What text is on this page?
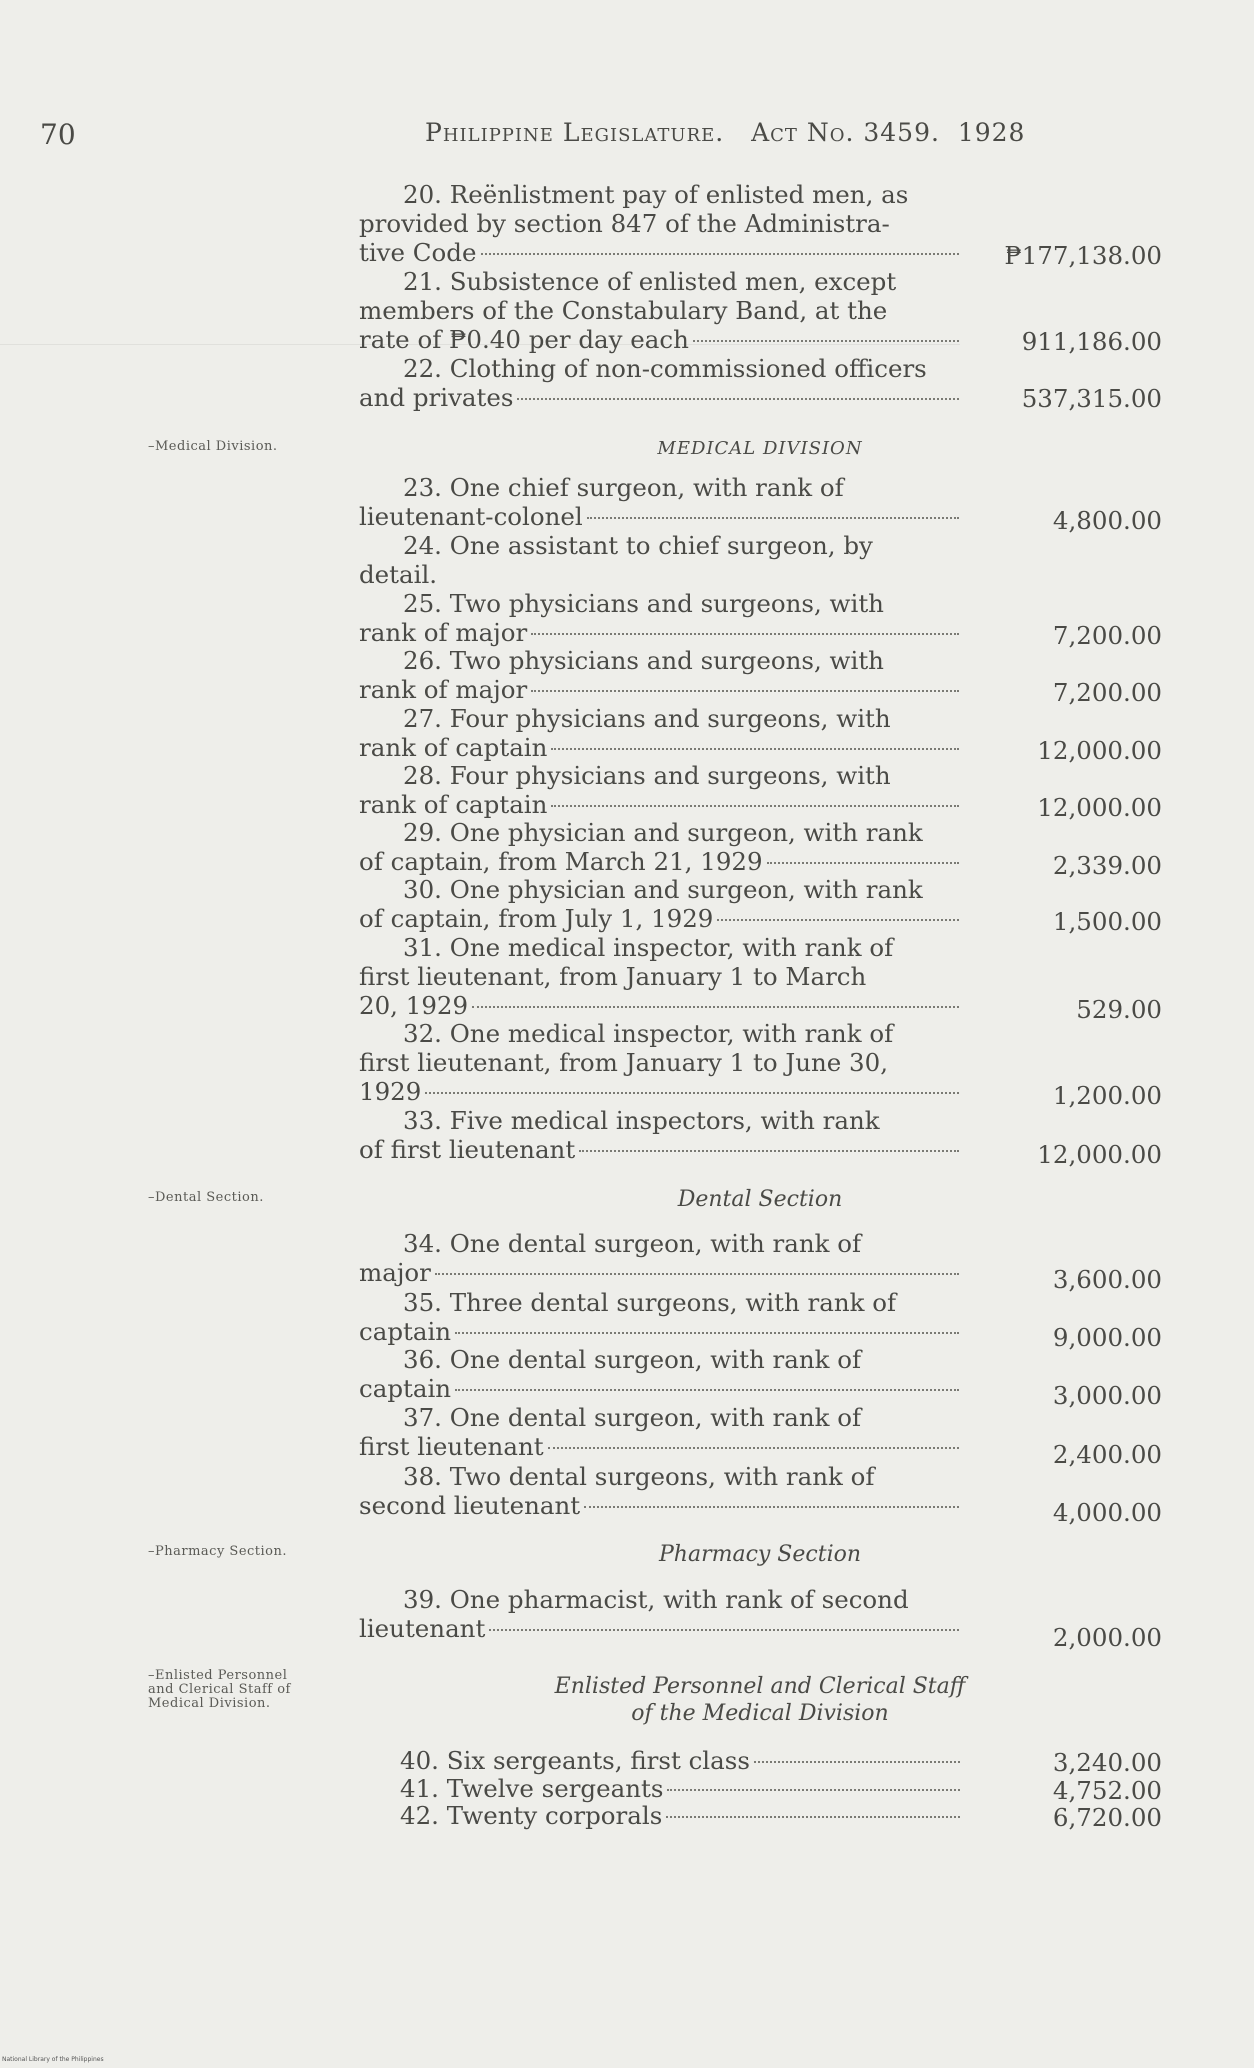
70	Philippine Legislature. Act No. 3459. 1928

20. Reënlistment pay of enlisted men, as

provided by section 847 of the Administra-

tive Code	₱177,138.00

21. Subsistence of enlisted men, except

members of the Constabulary Band, at the

rate of ₱0.40 per day each	911,186.00

22. Clothing of non-commissioned officers

and privates	537,315.00
–Medical Division.	MEDICAL DIVISION

23. One chief surgeon, with rank of

lieutenant-colonel	4,800.00

24. One assistant to chief surgeon, by

detail.

25. Two physicians and surgeons, with

rank of major	7,200.00

26. Two physicians and surgeons, with

rank of major	7,200.00

27. Four physicians and surgeons, with

rank of captain	12,000.00

28. Four physicians and surgeons, with

rank of captain	12,000.00

29. One physician and surgeon, with rank

of captain, from March 21, 1929	2,339.00

30. One physician and surgeon, with rank

of captain, from July 1, 1929	1,500.00

31. One medical inspector, with rank of

first lieutenant, from January 1 to March

20, 1929	529.00

32. One medical inspector, with rank of

first lieutenant, from January 1 to June 30,

1929	1,200.00

33. Five medical inspectors, with rank

of first lieutenant	12,000.00
–Dental Section.	Dental Section

34. One dental surgeon, with rank of

major	3,600.00

35. Three dental surgeons, with rank of

captain	9,000.00

36. One dental surgeon, with rank of

captain	3,000.00

37. One dental surgeon, with rank of

first lieutenant	2,400.00

38. Two dental surgeons, with rank of

second lieutenant	4,000.00
–Pharmacy Section.	Pharmacy Section

39. One pharmacist, with rank of second

lieutenant	2,000.00
–Enlisted Personnel
and Clerical Staff of
Medical Division.
Enlisted Personnel and Clerical Staff
of the Medical Division
40. Six sergeants, first class	3,240.00
41. Twelve sergeants	4,752.00
42. Twenty corporals	6,720.00
National Library of the Philippines
